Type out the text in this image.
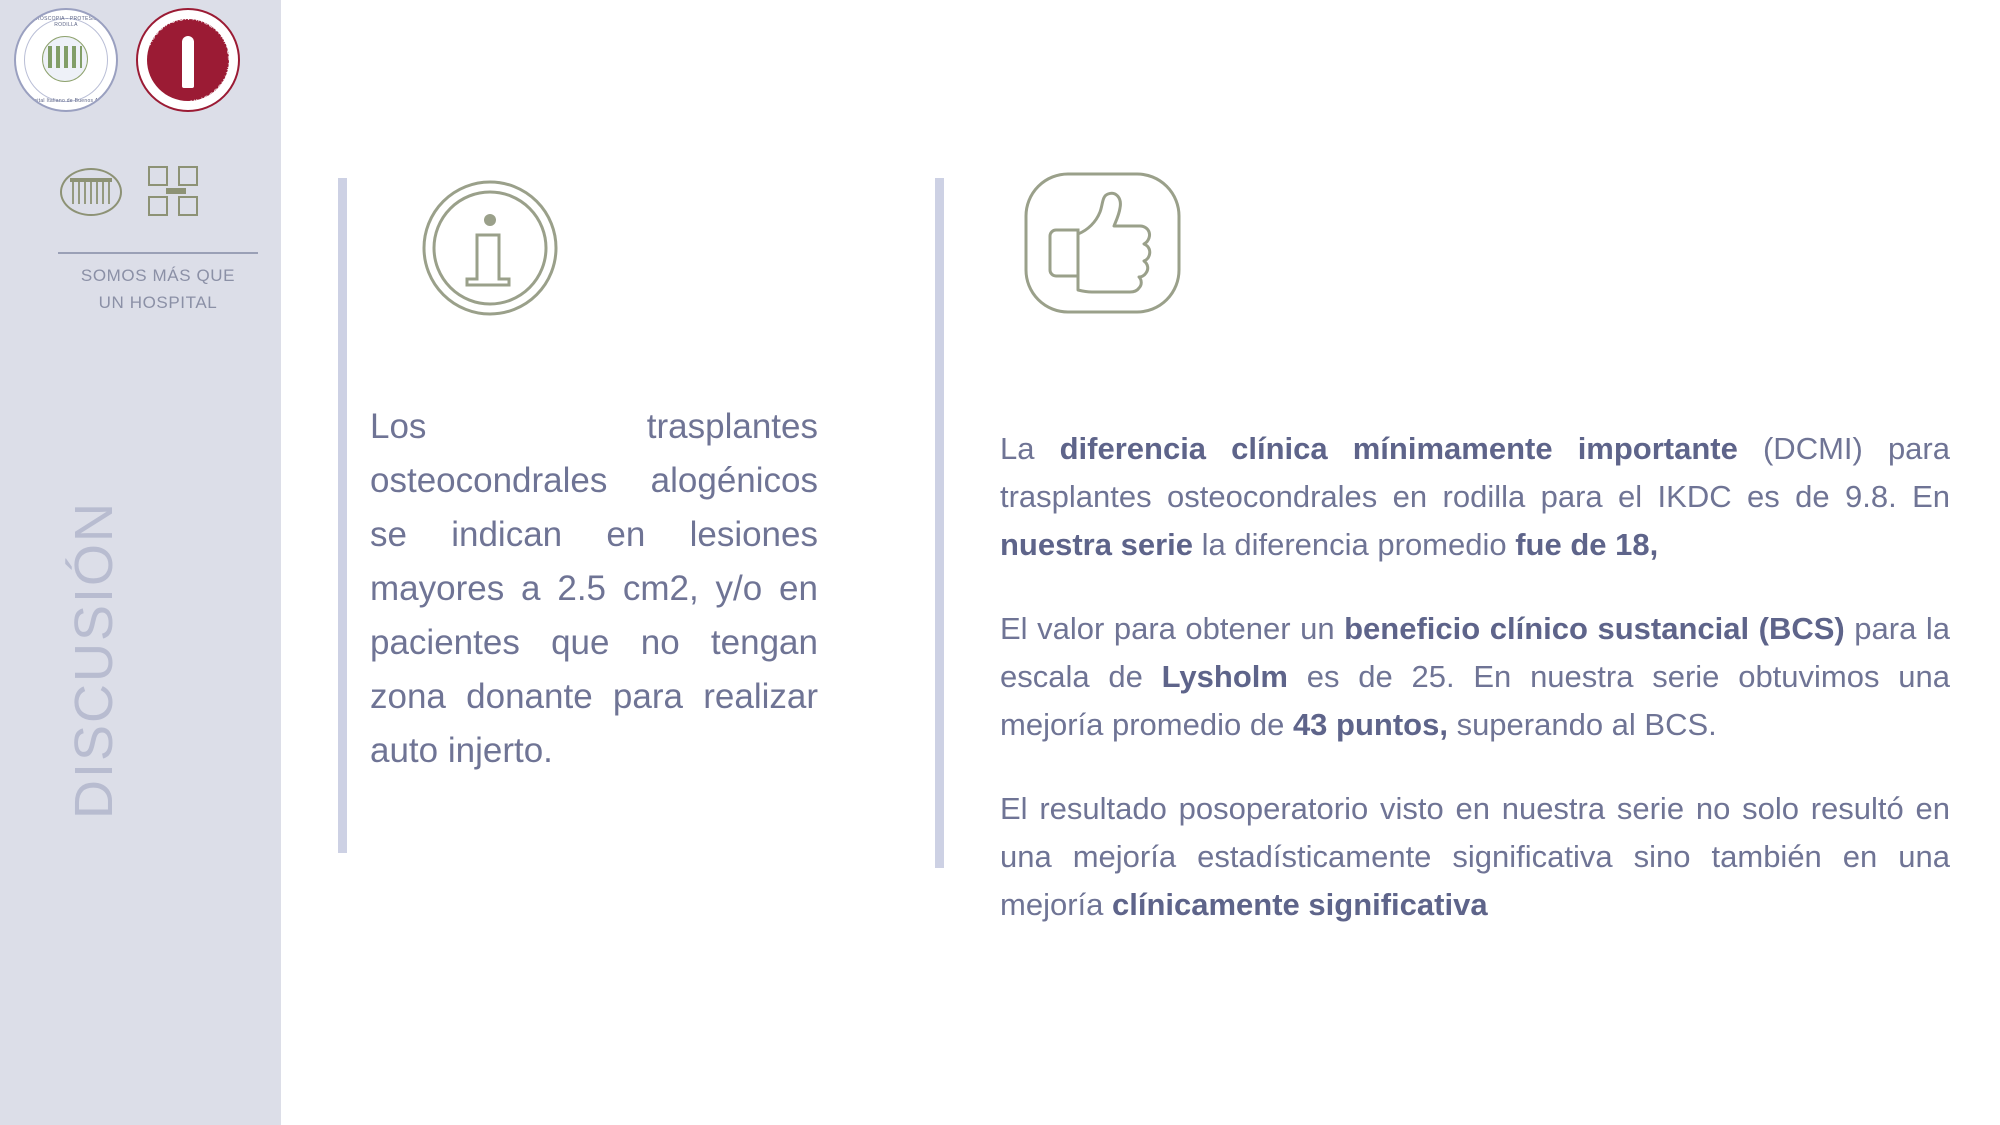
ARTROSCOPIA - PROTESIS DE RODILLA
Hospital Italiano de Buenos Aires
ASOCIACION ARGENTINA DE ARTROSCOPIA
SOMOS MÁS QUE
UN HOSPITAL
DISCUSIÓN
Los trasplantes osteocondrales alogénicos se indican en lesiones mayores a 2.5 cm2, y/o en pacientes que no tengan zona donante para realizar auto injerto.
La diferencia clínica mínimamente importante (DCMI) para trasplantes osteocondrales en rodilla para el IKDC es de 9.8. En nuestra serie la diferencia promedio fue de 18,
El valor para obtener un beneficio clínico sustancial (BCS) para la escala de Lysholm es de 25. En nuestra serie obtuvimos una mejoría promedio de 43 puntos, superando al BCS.
El resultado posoperatorio visto en nuestra serie no solo resultó en una mejoría estadísticamente significativa sino también en una mejoría clínicamente significativa
